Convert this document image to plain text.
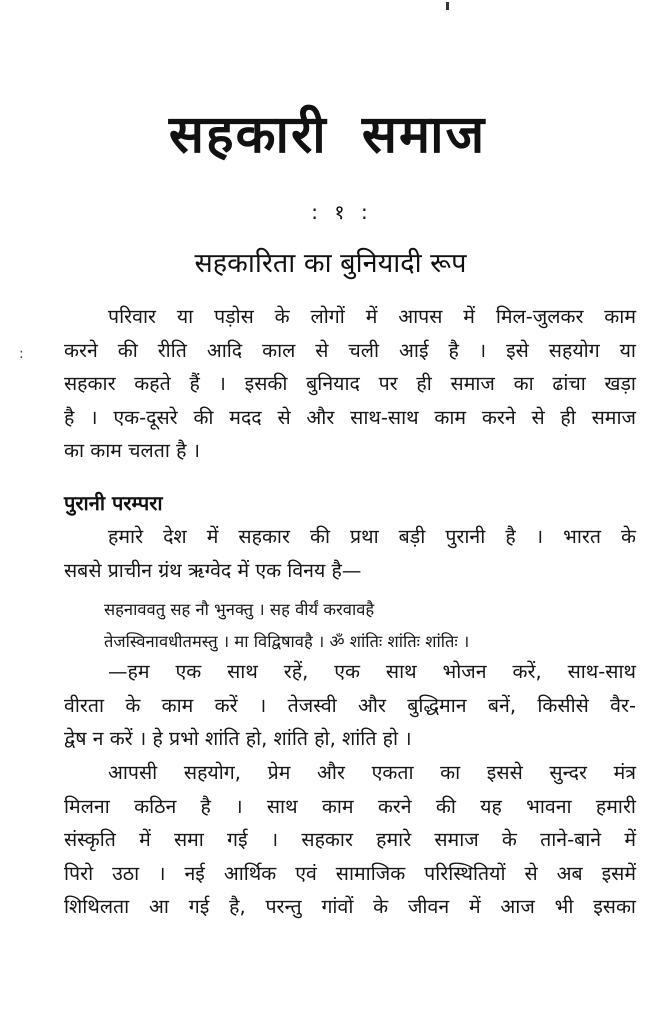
:
सहकारी समाज
: १ :
सहकारिता का बुनियादी रूप
परिवार या पड़ोस के लोगों में आपस में मिल-जुलकर काम
करने की रीति आदि काल से चली आई है । इसे सहयोग या
सहकार कहते हैं । इसकी बुनियाद पर ही समाज का ढांचा खड़ा
है । एक-दूसरे की मदद से और साथ-साथ काम करने से ही समाज
का काम चलता है ।
पुरानी परम्परा
हमारे देश में सहकार की प्रथा बड़ी पुरानी है । भारत के
सबसे प्राचीन ग्रंथ ऋग्वेद में एक विनय है—
सहनाववतु सह नौ भुनक्तु । सह वीर्यं करवावहै
तेजस्विनावधीतमस्तु । मा विद्विषावहै । ॐ शांतिः शांतिः शांतिः ।
—हम एक साथ रहें, एक साथ भोजन करें, साथ-साथ
वीरता के काम करें । तेजस्वी और बुद्धिमान बनें, किसीसे वैर-
द्वेष न करें । हे प्रभो शांति हो, शांति हो, शांति हो ।
आपसी सहयोग, प्रेम और एकता का इससे सुन्दर मंत्र
मिलना कठिन है । साथ काम करने की यह भावना हमारी
संस्कृति में समा गई । सहकार हमारे समाज के ताने-बाने में
पिरो उठा । नई आर्थिक एवं सामाजिक परिस्थितियों से अब इसमें
शिथिलता आ गई है, परन्तु गांवों के जीवन में आज भी इसका
